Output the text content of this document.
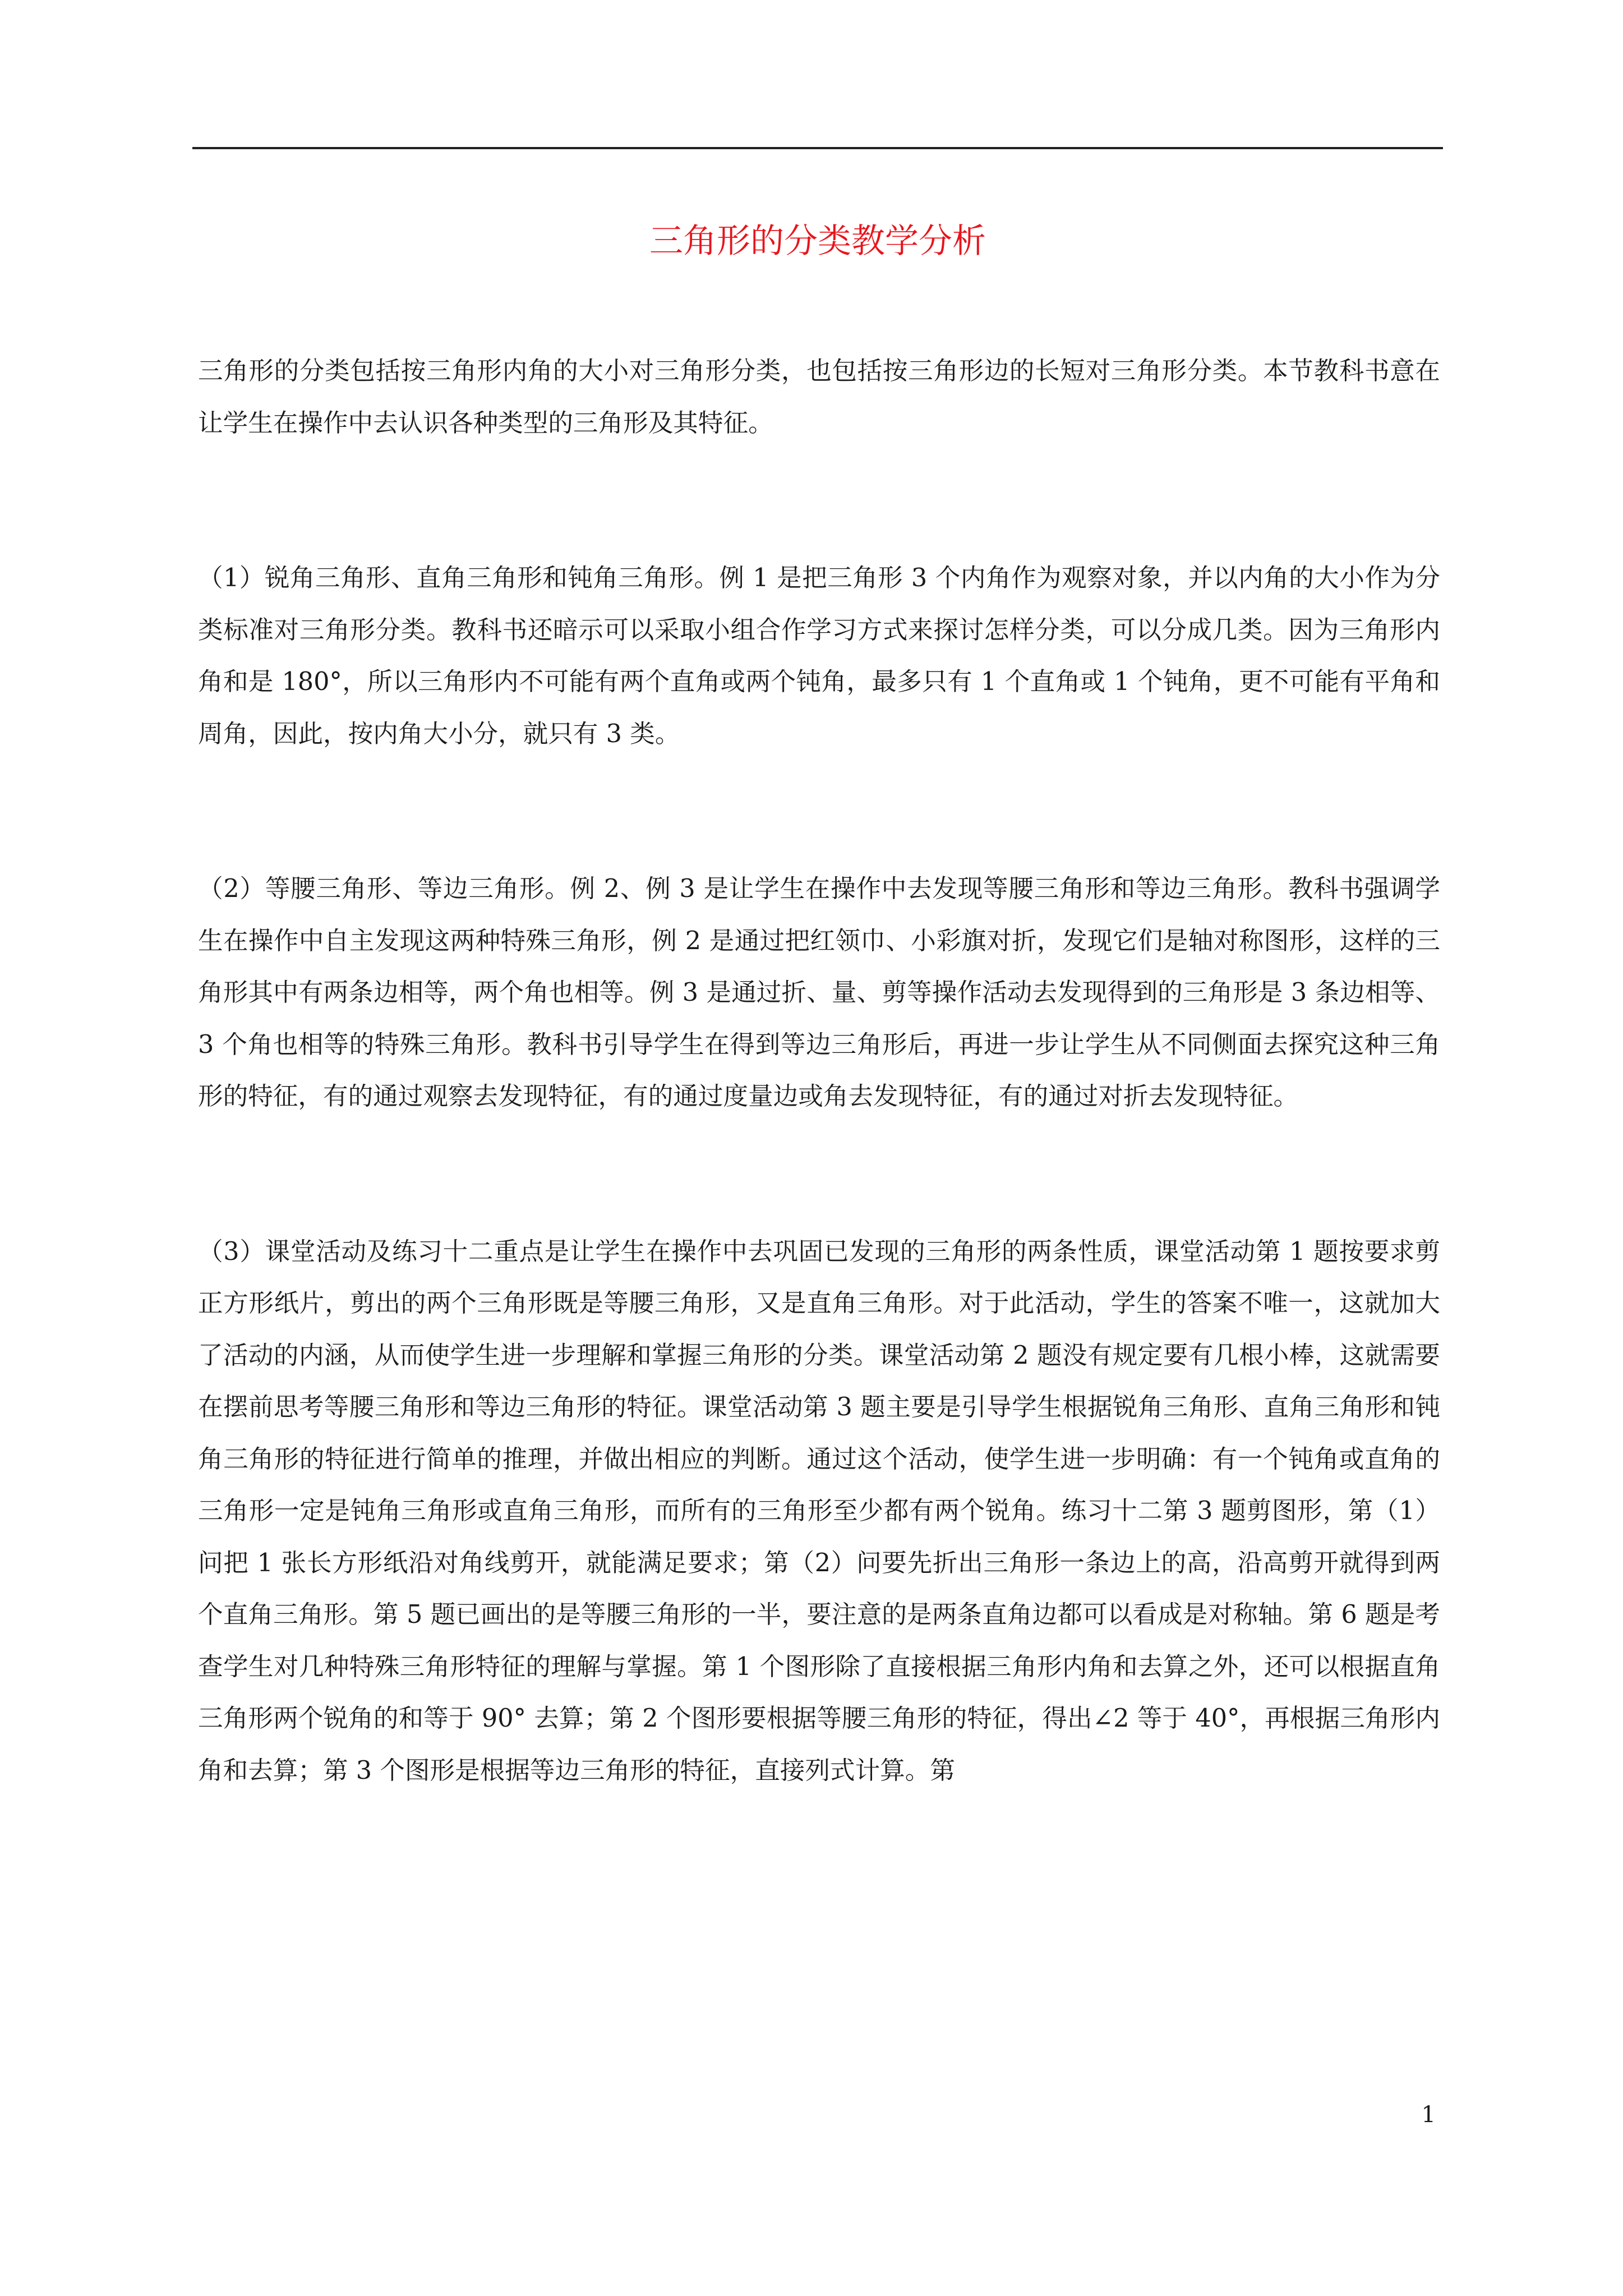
三角形的分类教学分析

三角形的分类包括按三角形内角的大小对三角形分类，也包括按三角形边的长短对三角形分类。本节教科书意在让学生在操作中去认识各种类型的三角形及其特征。

（1）锐角三角形、直角三角形和钝角三角形。例 1 是把三角形 3 个内角作为观察对象，并以内角的大小作为分类标准对三角形分类。教科书还暗示可以采取小组合作学习方式来探讨怎样分类，可以分成几类。因为三角形内角和是 180°，所以三角形内不可能有两个直角或两个钝角，最多只有 1 个直角或 1 个钝角，更不可能有平角和周角，因此，按内角大小分，就只有 3 类。

（2）等腰三角形、等边三角形。例 2、例 3 是让学生在操作中去发现等腰三角形和等边三角形。教科书强调学生在操作中自主发现这两种特殊三角形，例 2 是通过把红领巾、小彩旗对折，发现它们是轴对称图形，这样的三角形其中有两条边相等，两个角也相等。例 3 是通过折、量、剪等操作活动去发现得到的三角形是 3 条边相等、3 个角也相等的特殊三角形。教科书引导学生在得到等边三角形后，再进一步让学生从不同侧面去探究这种三角形的特征，有的通过观察去发现特征，有的通过度量边或角去发现特征，有的通过对折去发现特征。

（3）课堂活动及练习十二重点是让学生在操作中去巩固已发现的三角形的两条性质，课堂活动第 1 题按要求剪正方形纸片，剪出的两个三角形既是等腰三角形，又是直角三角形。对于此活动，学生的答案不唯一，这就加大了活动的内涵，从而使学生进一步理解和掌握三角形的分类。课堂活动第 2 题没有规定要有几根小棒，这就需要在摆前思考等腰三角形和等边三角形的特征。课堂活动第 3 题主要是引导学生根据锐角三角形、直角三角形和钝角三角形的特征进行简单的推理，并做出相应的判断。通过这个活动，使学生进一步明确：有一个钝角或直角的三角形一定是钝角三角形或直角三角形，而所有的三角形至少都有两个锐角。练习十二第 3 题剪图形，第（1）问把 1 张长方形纸沿对角线剪开，就能满足要求；第（2）问要先折出三角形一条边上的高，沿高剪开就得到两个直角三角形。第 5 题已画出的是等腰三角形的一半，要注意的是两条直角边都可以看成是对称轴。第 6 题是考查学生对几种特殊三角形特征的理解与掌握。第 1 个图形除了直接根据三角形内角和去算之外，还可以根据直角三角形两个锐角的和等于 90° 去算；第 2 个图形要根据等腰三角形的特征，得出∠2 等于 40°，再根据三角形内角和去算；第 3 个图形是根据等边三角形的特征，直接列式计算。第

1
